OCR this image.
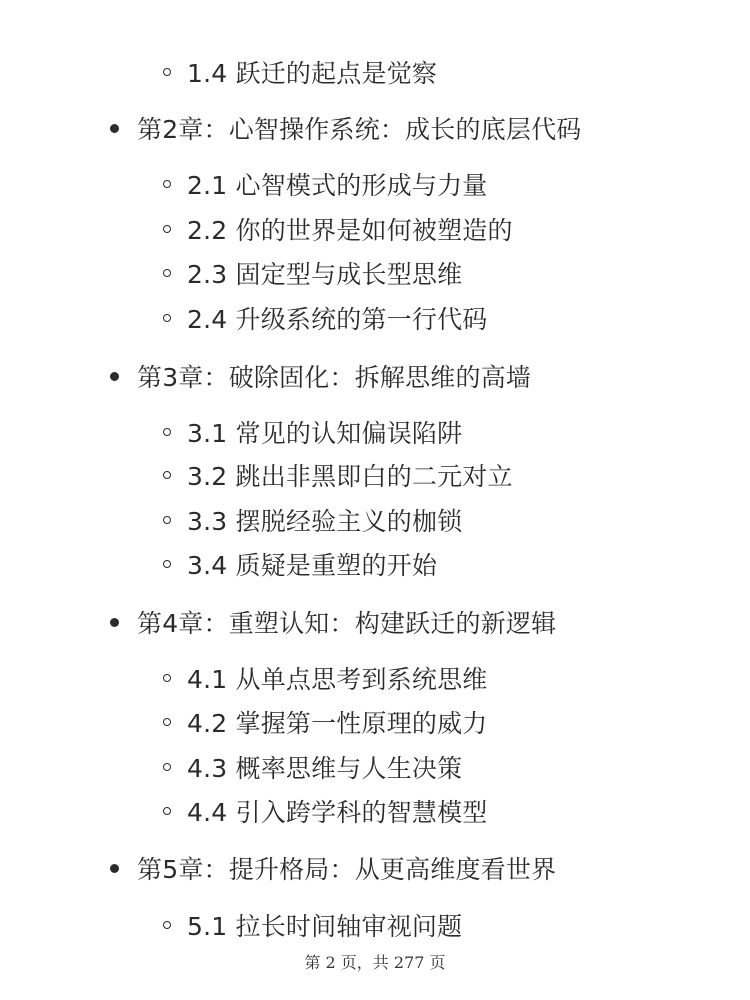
1.4 跃迁的起点是觉察
第2章：心智操作系统：成长的底层代码
2.1 心智模式的形成与力量
2.2 你的世界是如何被塑造的
2.3 固定型与成长型思维
2.4 升级系统的第一行代码
第3章：破除固化：拆解思维的高墙
3.1 常见的认知偏误陷阱
3.2 跳出非黑即白的二元对立
3.3 摆脱经验主义的枷锁
3.4 质疑是重塑的开始
第4章：重塑认知：构建跃迁的新逻辑
4.1 从单点思考到系统思维
4.2 掌握第一性原理的威力
4.3 概率思维与人生决策
4.4 引入跨学科的智慧模型
第5章：提升格局：从更高维度看世界
5.1 拉长时间轴审视问题
第 2 页，共 277 页
